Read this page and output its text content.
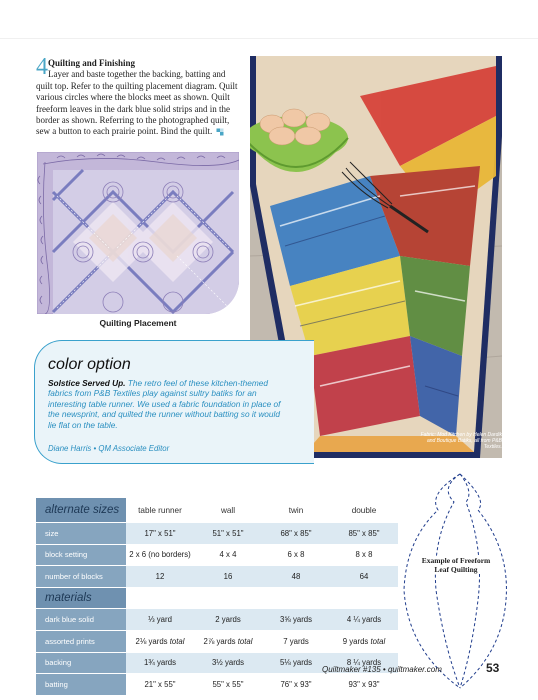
4 Quilting and Finishing
Layer and baste together the backing, batting and
quilt top. Refer to the quilting placement diagram. Quilt various circles where the blocks meet as shown. Quilt freeform leaves in the dark blue solid strips and in the border as shown. Referring to the photographed quilt, sew a button to each prairie point. Bind the quilt.
Quilting Placement
Fabric: Mod Kitchen by Helen Dardik and Boutique Batiks, all from P&B Textiles.
color option
Solstice Served Up. The retro feel of these kitchen-themed fabrics from P&B Textiles play against sultry batiks for an interesting table runner. We used a fabric foundation in place of the newsprint, and quilted the runner without batting so it would lie flat on the table.
Diane Harris • QM Associate Editor
alternate sizes	table runner	wall	twin	double
size	17" x 51"	51" x 51"	68" x 85"	85" x 85"
block setting	2 x 6 (no borders)	4 x 4	6 x 8	8 x 8
number of blocks	12	16	48	64
materials
dark blue solid	⅓ yard	2 yards	3⅝ yards	4 ¼ yards
assorted prints	2⅛ yards total	2⅞ yards total	7 yards	9 yards total
backing	1¾ yards	3½ yards	5⅛ yards	8 ¼ yards
batting	21" x 55"	55" x 55"	76" x 93"	93" x 93"
Example of Freeform Leaf Quilting
Quiltmaker #135 • quiltmaker.com	53
